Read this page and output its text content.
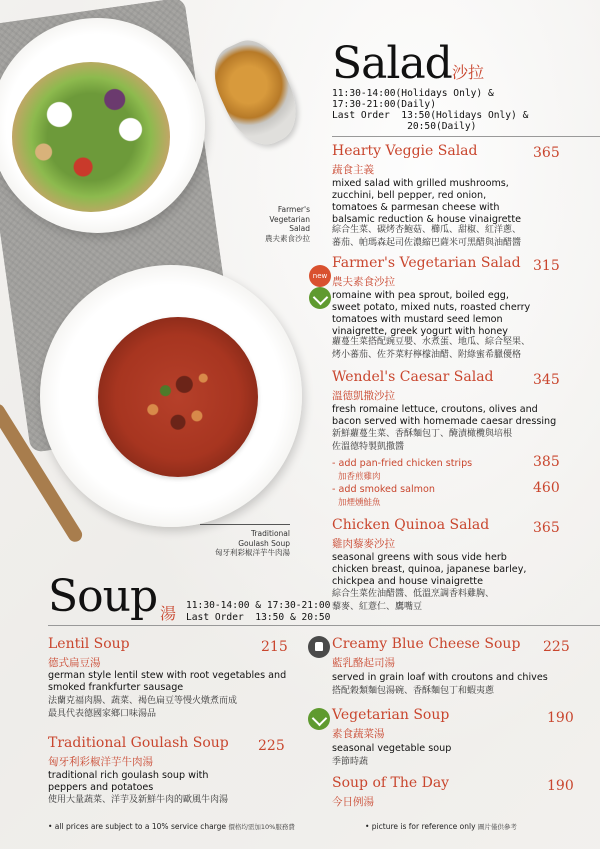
Farmer's
Vegetarian
Salad
農夫素食沙拉
Traditional
Goulash Soup
匈牙利彩椒洋芋牛肉湯
Salad 沙拉
11:30-14:00(Holidays Only) &
17:30-21:00(Daily)
Last Order  13:50(Holidays Only) &
20:50(Daily)
Hearty Veggie Salad	365
蔬食主義
mixed salad with grilled mushrooms,
zucchini, bell pepper, red onion,
tomatoes & parmesan cheese with
balsamic reduction & house vinaigrette
綜合生菜、碳烤杏鮑菇、櫛瓜、甜椒、紅洋蔥、
蕃茄、帕瑪森起司佐濃縮巴薩米可黑醋與油醋醬
new
Farmer's Vegetarian Salad 315
農夫素食沙拉
romaine with pea sprout, boiled egg,
sweet potato, mixed nuts, roasted cherry
tomatoes with mustard seed lemon
vinaigrette, greek yogurt with honey
蘿蔓生菜搭配豌豆嬰、水煮蛋、地瓜、綜合堅果、
烤小蕃茄、佐芥菜籽檸檬油醋、附綠蜜希臘優格
Wendel's Caesar Salad	345
溫德凱撒沙拉
fresh romaine lettuce, croutons, olives and
bacon served with homemade caesar dressing
新鮮蘿蔓生菜、香酥麵包丁、醃漬橄欖與培根
佐溫德特製凱撒醬
- add pan-fried chicken strips
加香煎雞肉
385
- add smoked salmon
加煙燻鮭魚
460
Chicken Quinoa Salad	365
雞肉藜麥沙拉
seasonal greens with sous vide herb
chicken breast, quinoa, japanese barley,
chickpea and house vinaigrette
綜合生菜佐油醋醬、低溫烹調香料雞胸、
藜麥、紅薏仁、鷹嘴豆
Soup 湯 11:30-14:00 & 17:30-21:00
Last Order  13:50 & 20:50
Lentil Soup	215
德式扁豆湯
german style lentil stew with root vegetables and
smoked frankfurter sausage
法蘭克福肉腸、蔬菜、褐色扁豆等慢火燉煮而成
最具代表德國家鄉口味湯品
Traditional Goulash Soup 225
匈牙利彩椒洋芋牛肉湯
traditional rich goulash soup with
peppers and potatoes
使用大量蔬菜、洋芋及新鮮牛肉的歐風牛肉湯
Creamy Blue Cheese Soup 225
藍乳酪起司湯
served in grain loaf with croutons and chives
搭配穀類麵包湯碗、香酥麵包丁和蝦夷蔥
Vegetarian Soup	190
素食蔬菜湯
seasonal vegetable soup
季節時蔬
Soup of The Day	190
今日例湯
• all prices are subject to a 10% service charge 價格均需加10%服務費	• picture is for reference only 圖片僅供參考
